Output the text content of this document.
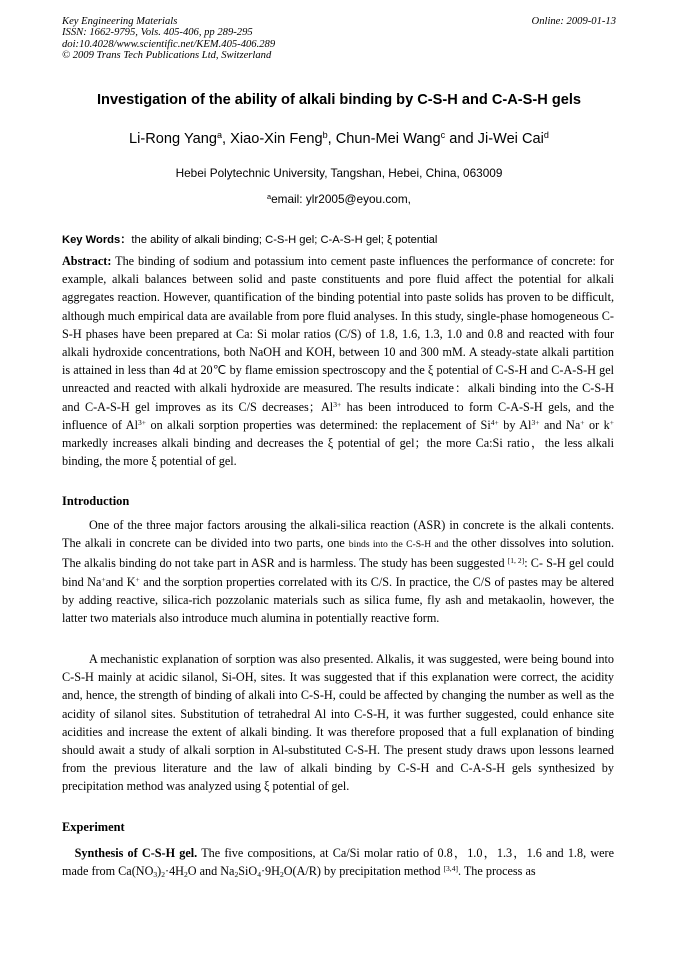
Key Engineering Materials
ISSN: 1662-9795, Vols. 405-406, pp 289-295
doi:10.4028/www.scientific.net/KEM.405-406.289
© 2009 Trans Tech Publications Ltd, Switzerland
Online: 2009-01-13
Investigation of the ability of alkali binding by C-S-H and C-A-S-H gels
Li-Rong Yang$^a$, Xiao-Xin Feng$^b$, Chun-Mei Wang$^c$ and Ji-Wei Cai$^d$
Hebei Polytechnic University, Tangshan, Hebei, China, 063009
$^a$email: ylr2005@eyou.com,
Key Words：the ability of alkali binding; C-S-H gel; C-A-S-H gel; ξ potential
Abstract: The binding of sodium and potassium into cement paste influences the performance of concrete: for example, alkali balances between solid and paste constituents and pore fluid affect the potential for alkali aggregates reaction. However, quantification of the binding potential into paste solids has proven to be difficult, although much empirical data are available from pore fluid analyses. In this study, single-phase homogeneous C-S-H phases have been prepared at Ca: Si molar ratios (C/S) of 1.8, 1.6, 1.3, 1.0 and 0.8 and reacted with four alkali hydroxide concentrations, both NaOH and KOH, between 10 and 300 mM. A steady-state alkali partition is attained in less than 4d at 20℃ by flame emission spectroscopy and the ξ potential of C-S-H and C-A-S-H gel unreacted and reacted with alkali hydroxide are measured. The results indicate：alkali binding into the C-S-H and C-A-S-H gel improves as its C/S decreases；$Al^{3+}$ has been introduced to form C-A-S-H gels, and the influence of $Al^{3+}$ on alkali sorption properties was determined: the replacement of $Si^{4+}$ by $Al^{3+}$ and Na+ or k+ markedly increases alkali binding and decreases the ξ potential of gel；the more Ca:Si ratio，the less alkali binding, the more ξ potential of gel.
Introduction
One of the three major factors arousing the alkali-silica reaction (ASR) in concrete is the alkali contents. The alkali in concrete can be divided into two parts, one binds into the C-S-H and the other dissolves into solution. The alkalis binding do not take part in ASR and is harmless. The study has been suggested [1, 2]: C- S-H gel could bind Na+and K+ and the sorption properties correlated with its C/S. In practice, the C/S of pastes may be altered by adding reactive, silica-rich pozzolanic materials such as silica fume, fly ash and metakaolin, however, the latter two materials also introduce much alumina in potentially reactive form.
A mechanistic explanation of sorption was also presented. Alkalis, it was suggested, were being bound into C-S-H mainly at acidic silanol, Si-OH, sites. It was suggested that if this explanation were correct, the acidity and, hence, the strength of binding of alkali into C-S-H, could be affected by changing the number as well as the acidity of silanol sites. Substitution of tetrahedral Al into C-S-H, it was further suggested, could enhance site acidities and increase the extent of alkali binding. It was therefore proposed that a full explanation of binding should await a study of alkali sorption in Al-substituted C-S-H. The present study draws upon lessons learned from the previous literature and the law of alkali binding by C-S-H and C-A-S-H gels synthesized by precipitation method was analyzed using ξ potential of gel.
Experiment
Synthesis of C-S-H gel. The five compositions, at Ca/Si molar ratio of 0.8，1.0，1.3，1.6 and 1.8, were made from $Ca(NO_3)_2\cdot 4H_2O$ and $Na_2SiO_4\cdot 9H_2O(A/R)$ by precipitation method [3,4]. The process as
